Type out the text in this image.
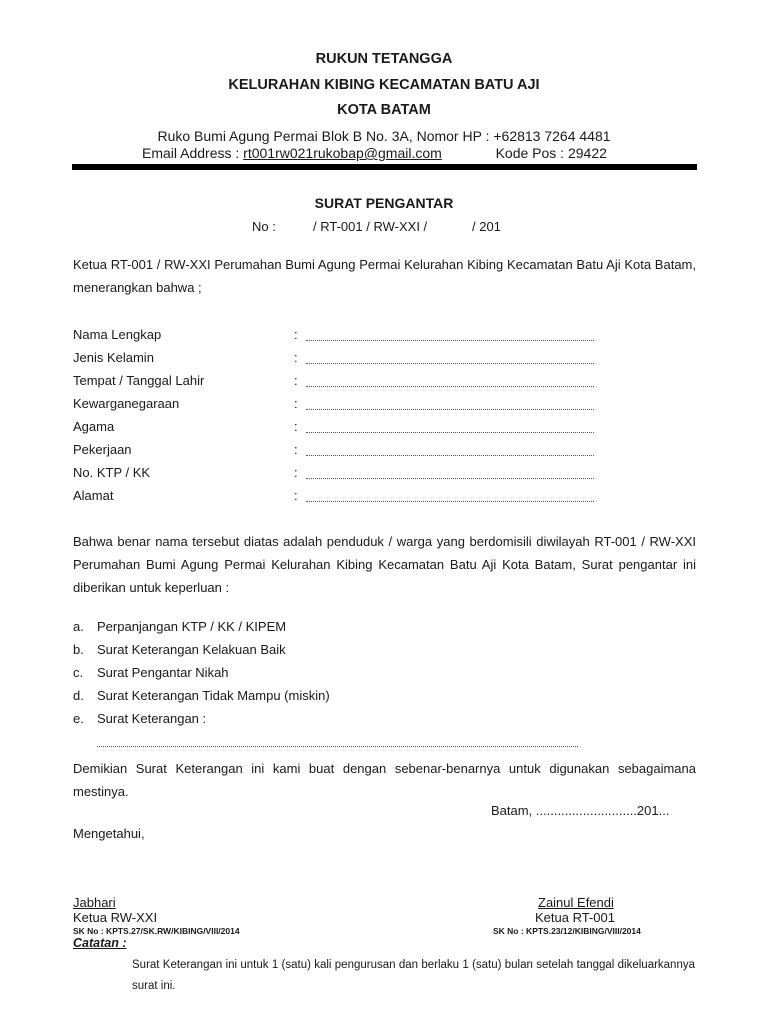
RUKUN TETANGGA
KELURAHAN KIBING KECAMATAN BATU AJI
KOTA BATAM
Ruko Bumi Agung Permai Blok B No. 3A, Nomor HP : +62813 7264 4481
Email Address : rt001rw021rukobap@gmail.com	Kode Pos : 29422
SURAT PENGANTAR
No :	/ RT-001 / RW-XXI /	/ 201
Ketua RT-001 / RW-XXI Perumahan Bumi Agung Permai Kelurahan Kibing Kecamatan Batu Aji Kota Batam, menerangkan bahwa ;
Nama Lengkap	:
Jenis Kelamin	:
Tempat / Tanggal Lahir	:
Kewarganegaraan	:
Agama	:
Pekerjaan	:
No. KTP / KK	:
Alamat	:
Bahwa benar nama tersebut diatas adalah penduduk / warga yang berdomisili diwilayah RT-001 / RW-XXI Perumahan Bumi Agung Permai Kelurahan Kibing Kecamatan Batu Aji Kota Batam, Surat pengantar ini diberikan untuk keperluan :
a. Perpanjangan KTP / KK / KIPEM
b. Surat Keterangan Kelakuan Baik
c. Surat Pengantar Nikah
d. Surat Keterangan Tidak Mampu (miskin)
e. Surat Keterangan :
Demikian Surat Keterangan ini kami buat dengan sebenar-benarnya untuk digunakan sebagaimana mestinya.
Batam, ............................201...
Mengetahui,
Jabhari
Ketua RW-XXI
SK No : KPTS.27/SK.RW/KIBING/VIII/2014
Zainul Efendi
Ketua RT-001
SK No : KPTS.23/12/KIBING/VIII/2014
Catatan :
Surat Keterangan ini untuk 1 (satu) kali pengurusan dan berlaku 1 (satu) bulan setelah tanggal dikeluarkannya surat ini.
